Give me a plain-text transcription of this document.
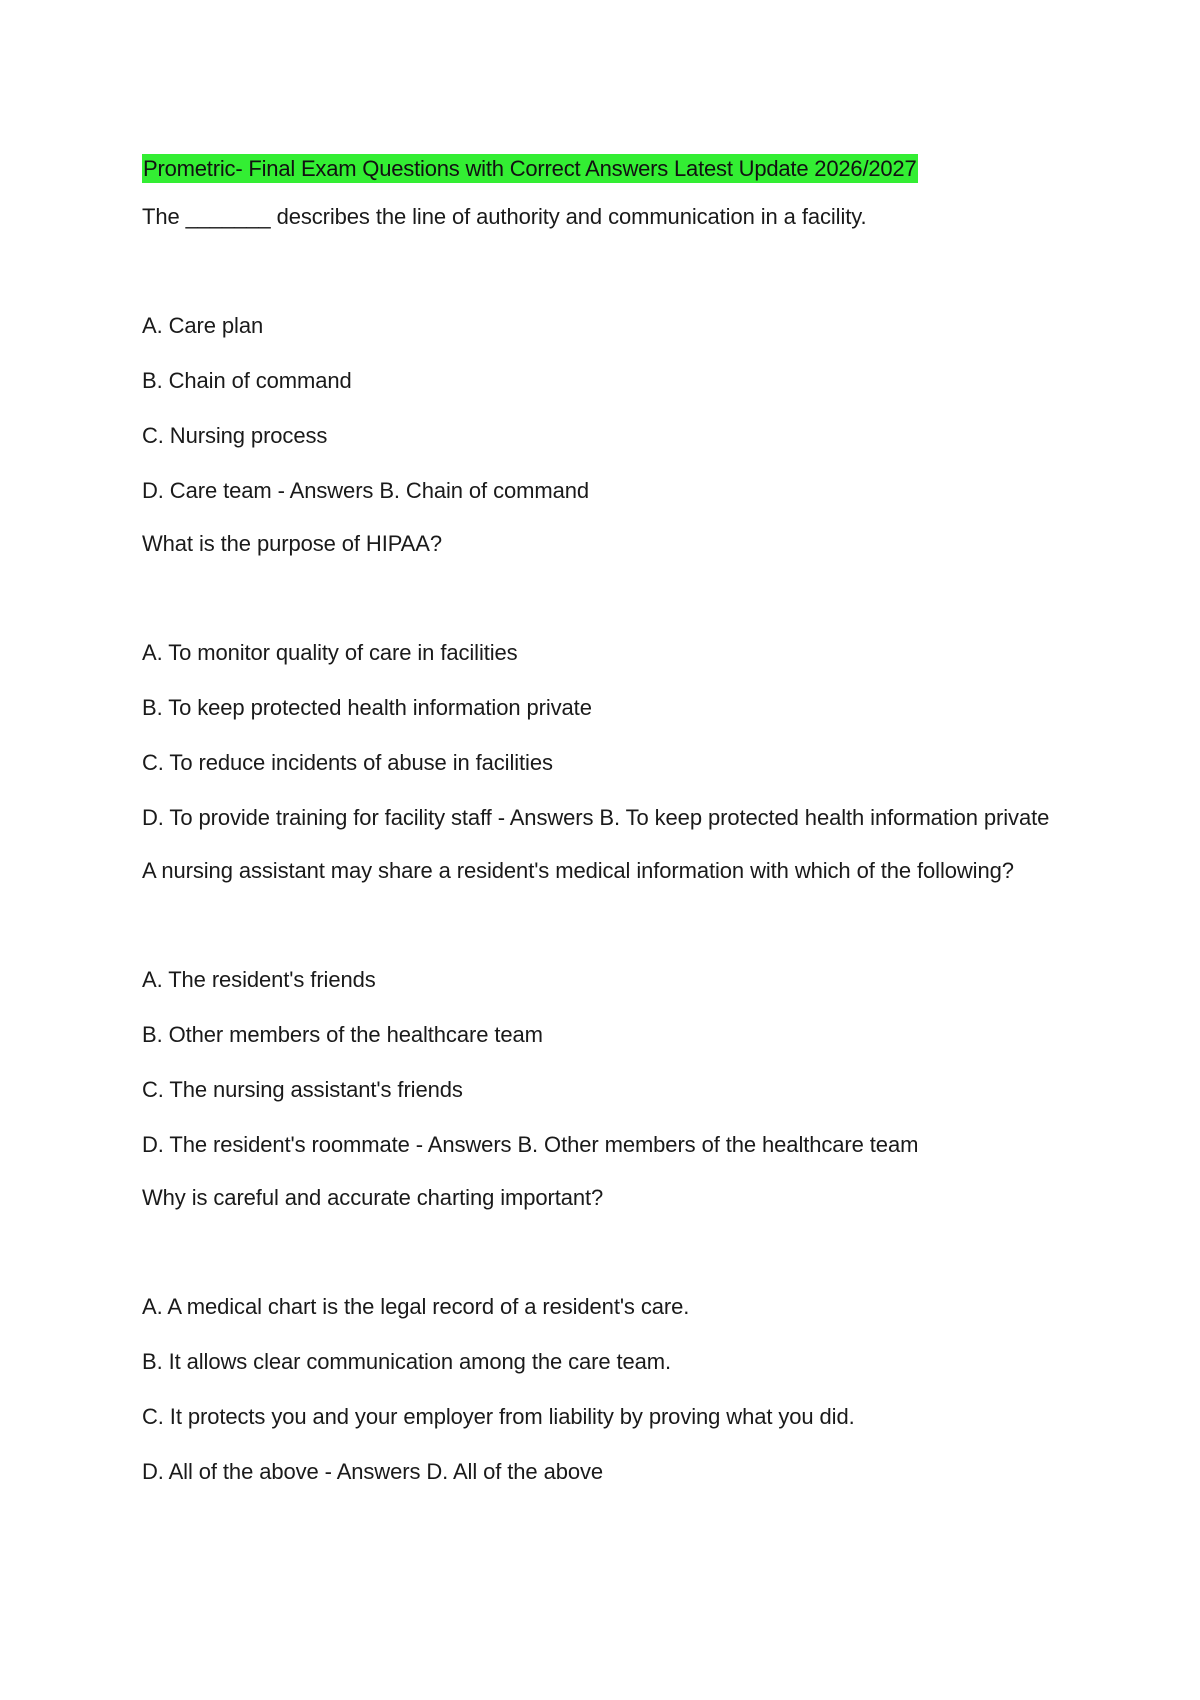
Prometric- Final Exam Questions with Correct Answers Latest Update 2026/2027

The _______ describes the line of authority and communication in a facility.

A. Care plan

B. Chain of command

C. Nursing process

D. Care team - Answers B. Chain of command

What is the purpose of HIPAA?

A. To monitor quality of care in facilities

B. To keep protected health information private

C. To reduce incidents of abuse in facilities

D. To provide training for facility staff - Answers B. To keep protected health information private

A nursing assistant may share a resident's medical information with which of the following?

A. The resident's friends

B. Other members of the healthcare team

C. The nursing assistant's friends

D. The resident's roommate - Answers B. Other members of the healthcare team

Why is careful and accurate charting important?

A. A medical chart is the legal record of a resident's care.

B. It allows clear communication among the care team.

C. It protects you and your employer from liability by proving what you did.

D. All of the above - Answers D. All of the above
